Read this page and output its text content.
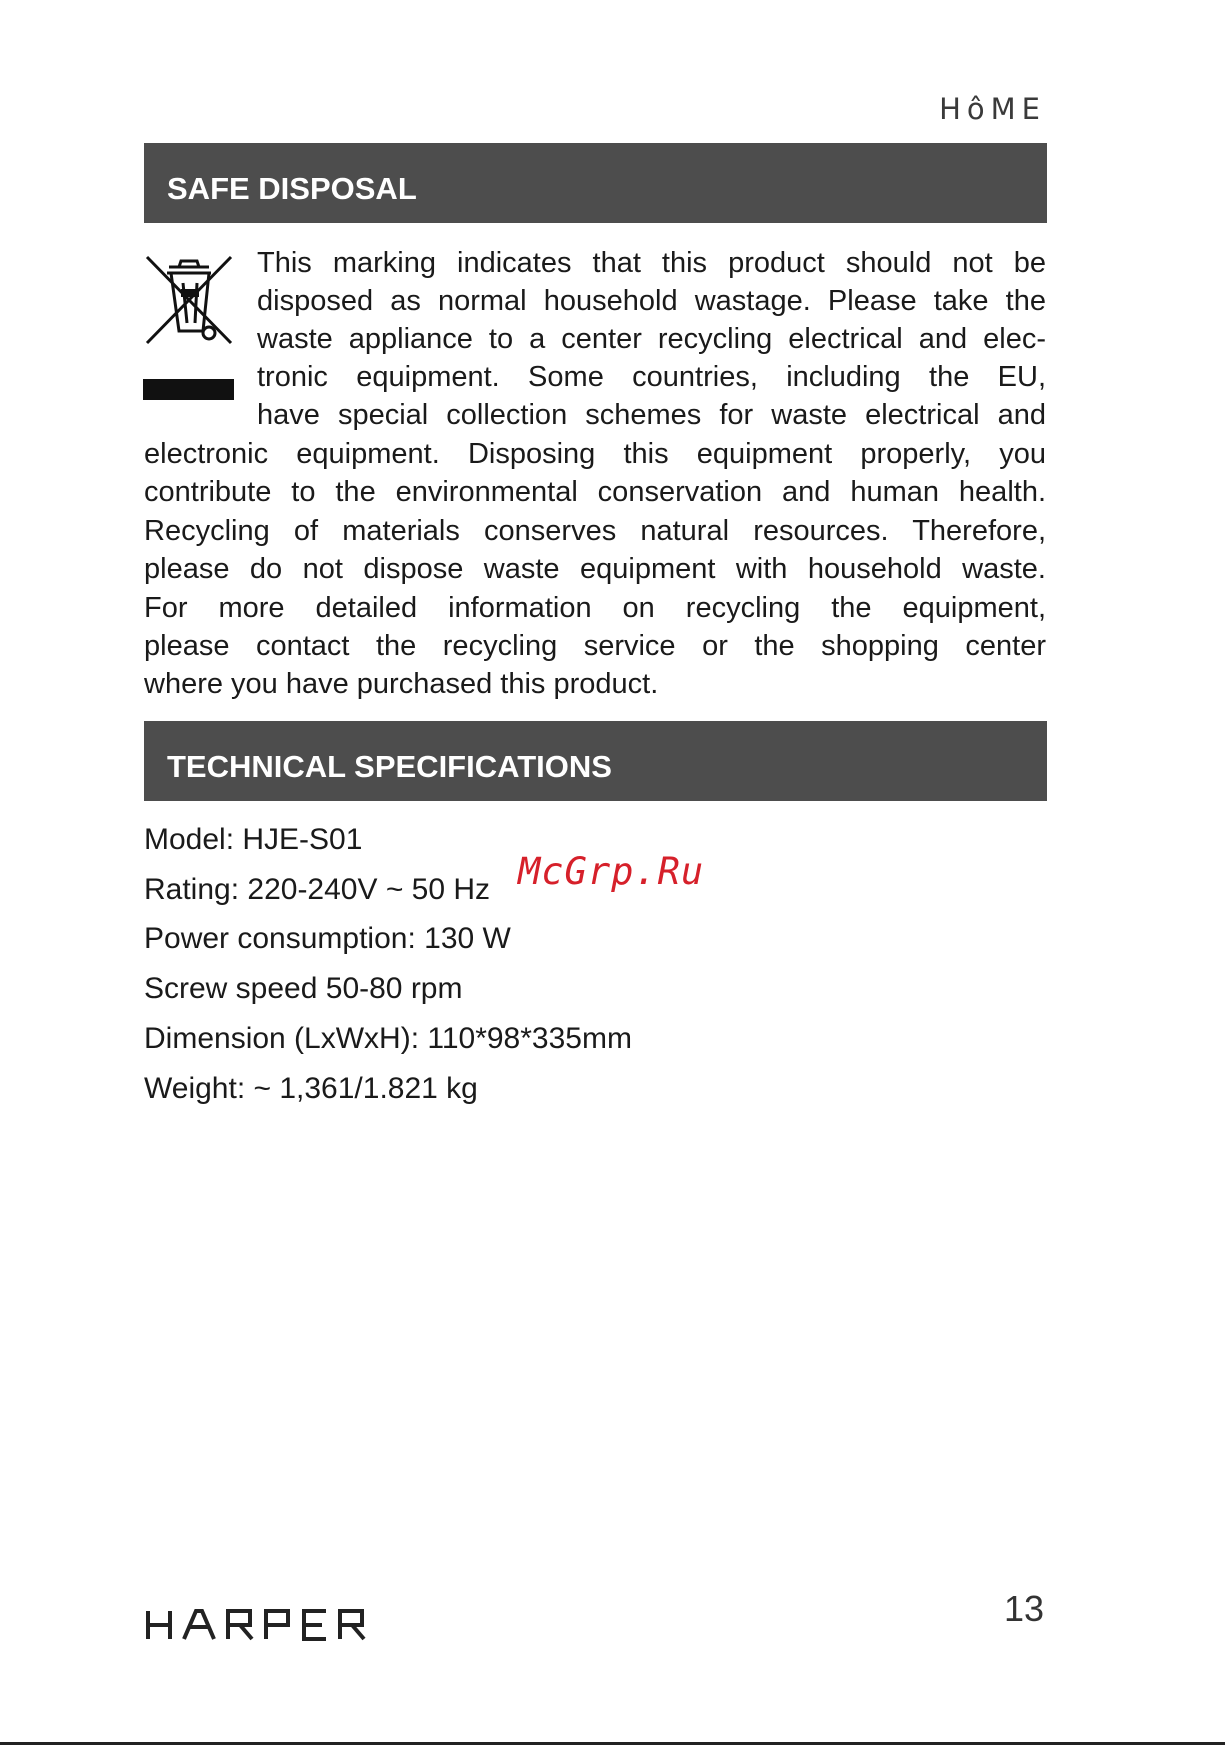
HôME
SAFE DISPOSAL
This marking indicates that this product should not be
disposed as normal household wastage. Please take the
waste appliance to a center recycling electrical and elec-
tronic equipment. Some countries, including the EU,
have special collection schemes for waste electrical and
electronic equipment. Disposing this equipment properly, you
contribute to the environmental conservation and human health.
Recycling of materials conserves natural resources. Therefore,
please do not dispose waste equipment with household waste.
For more detailed information on recycling the equipment,
please contact the recycling service or the shopping center
where you have purchased this product.
TECHNICAL SPECIFICATIONS
Model: HJE-S01
Rating: 220-240V ~ 50 Hz
Power consumption: 130 W
Screw speed 50-80 rpm
Dimension (LxWxH): 110*98*335mm
Weight: ~ 1,361/1.821 kg
McGrp.Ru
13
